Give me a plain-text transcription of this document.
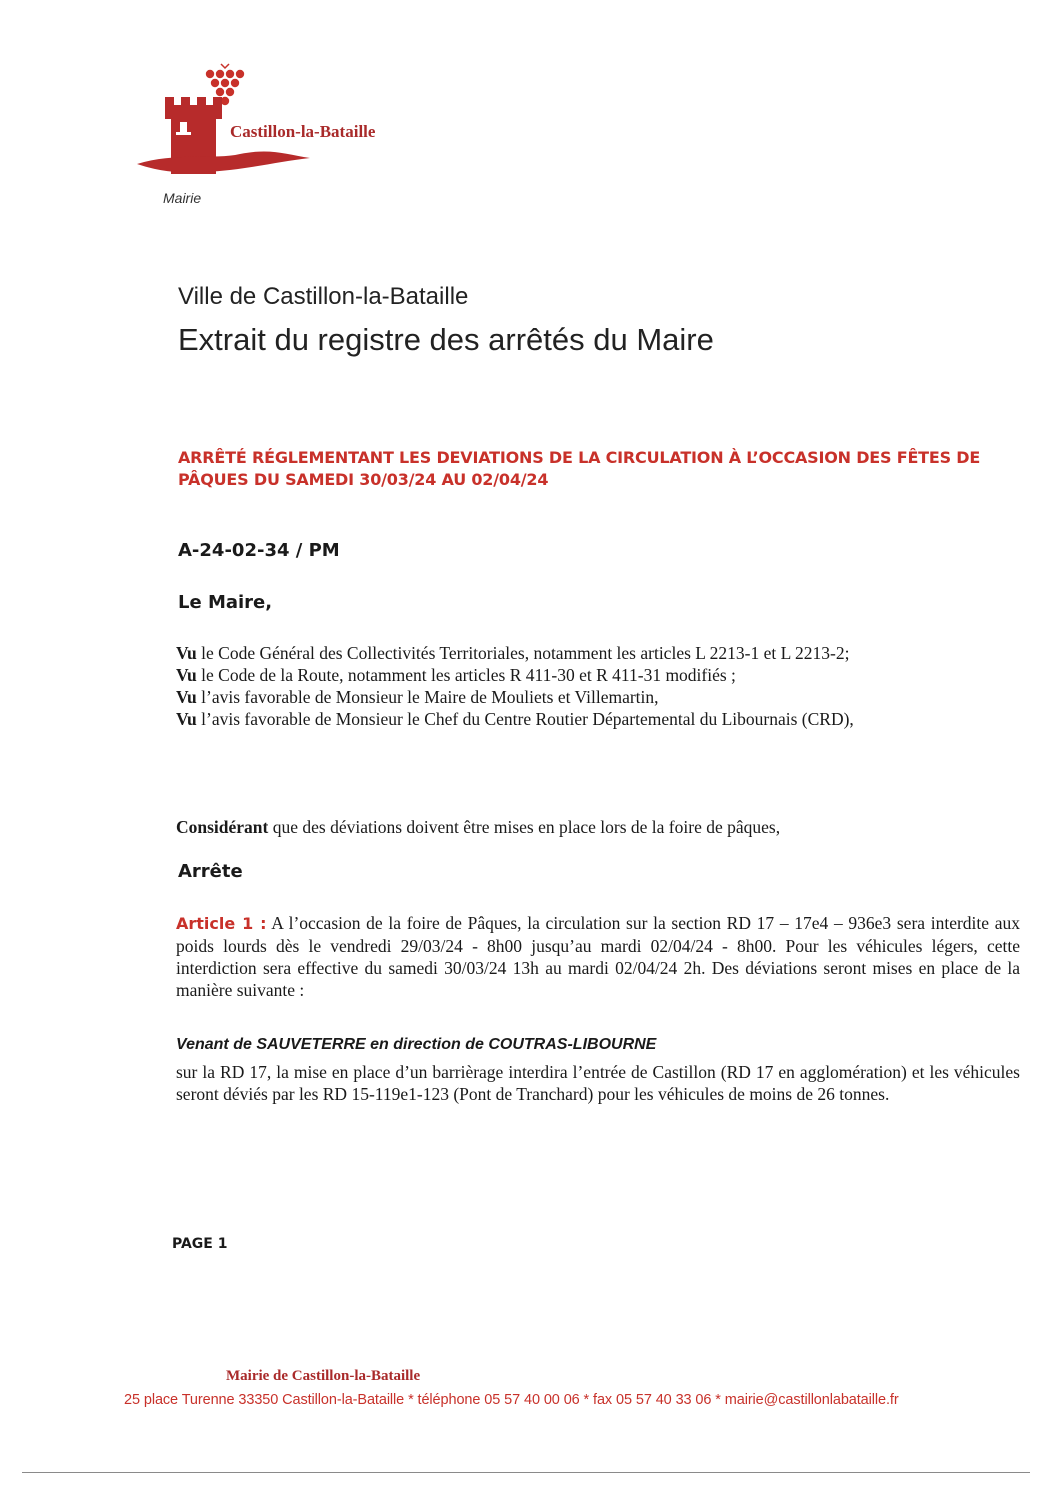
Castillon-la-Bataille
Mairie
Ville de Castillon-la-Bataille
Extrait du registre des arrêtés du Maire
ARRÊTÉ RÉGLEMENTANT LES DEVIATIONS DE LA CIRCULATION À L’OCCASION DES FÊTES DE PÂQUES DU SAMEDI 30/03/24 AU 02/04/24
A-24-02-34 / PM
Le Maire,
Vu le Code Général des Collectivités Territoriales, notamment les articles L 2213-1 et L 2213-2;
Vu le Code de la Route, notamment les articles R 411-30 et R 411-31 modifiés ;
Vu l’avis favorable de Monsieur le Maire de Mouliets et Villemartin,
Vu l’avis favorable de Monsieur le Chef du Centre Routier Départemental du Libournais (CRD),
Considérant que des déviations doivent être mises en place lors de la foire de pâques,
Arrête
Article 1 : A l’occasion de la foire de Pâques, la circulation sur la section RD 17 – 17e4 – 936e3 sera interdite aux poids lourds dès le vendredi 29/03/24 - 8h00 jusqu’au mardi 02/04/24 - 8h00. Pour les véhicules légers, cette interdiction sera effective du samedi 30/03/24 13h au mardi 02/04/24 2h. Des déviations seront mises en place de la manière suivante :
Venant de SAUVETERRE en direction de COUTRAS-LIBOURNE
sur la RD 17, la mise en place d’un barrièrage interdira l’entrée de Castillon (RD 17 en agglomération) et les véhicules seront déviés par les RD 15-119e1-123 (Pont de Tranchard) pour les véhicules de moins de 26 tonnes.
PAGE 1
Mairie de Castillon-la-Bataille
25 place Turenne 33350 Castillon-la-Bataille * téléphone 05 57 40 00 06 * fax 05 57 40 33 06 * mairie@castillonlabataille.fr
